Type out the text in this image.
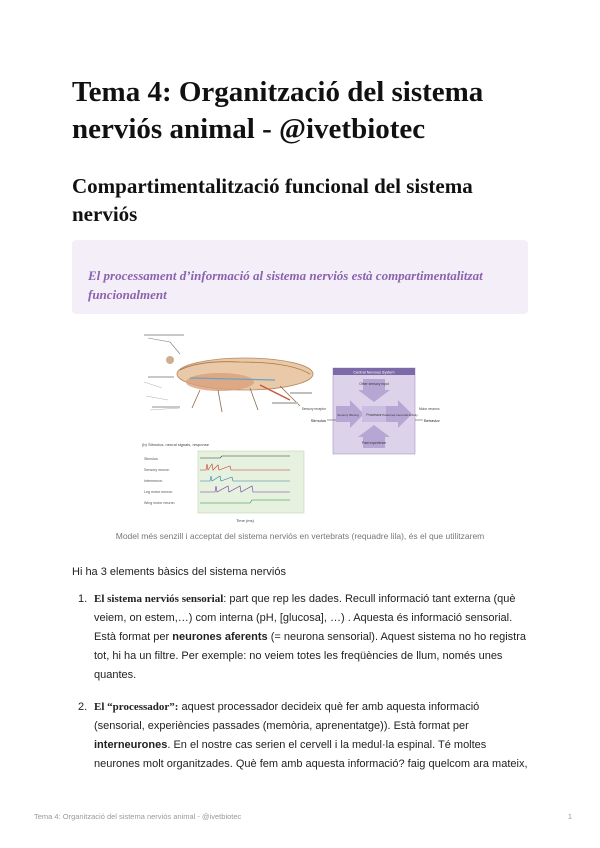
Tema 4: Organització del sistema nerviós animal - @ivetbiotec
Compartimentalització funcional del sistema nerviós

El processament d’informació al sistema nerviós està compartimentalitzat funcionalment

(b) Stimulus, neural signals, response
Stimulus
Sensory neuron
Interneuron
Leg motor neuron
Wing motor neuron
Time (ms)
Central Nervous System
Other sensory input
Processor
Past experience
Sensory filtering	Patterned neuronal activity
Stimulus
Sensory receptor	Motor neurons
Behavior
Model més senzill i acceptat del sistema nerviós en vertebrats (requadre lila), és el que utilitzarem

Hi ha 3 elements bàsics del sistema nerviós

1. El sistema nerviós sensorial: part que rep les dades. Recull informació tant externa (què veiem, on estem,…) com interna (pH, [glucosa], …) . Aquesta és informació sensorial. Està format per neurones aferents (= neurona sensorial). Aquest sistema no ho registra tot, hi ha un filtre. Per exemple: no veiem totes les freqüències de llum, només unes quantes.
2. El “processador”: aquest processador decideix què fer amb aquesta informació (sensorial, experiències passades (memòria, aprenentatge)). Està format per interneurones. En el nostre cas serien el cervell i la medul·la espinal. Té moltes neurones molt organitzades. Què fem amb aquesta informació? faig quelcom ara mateix,
Tema 4: Organització del sistema nerviós animal - @ivetbiotec	1
